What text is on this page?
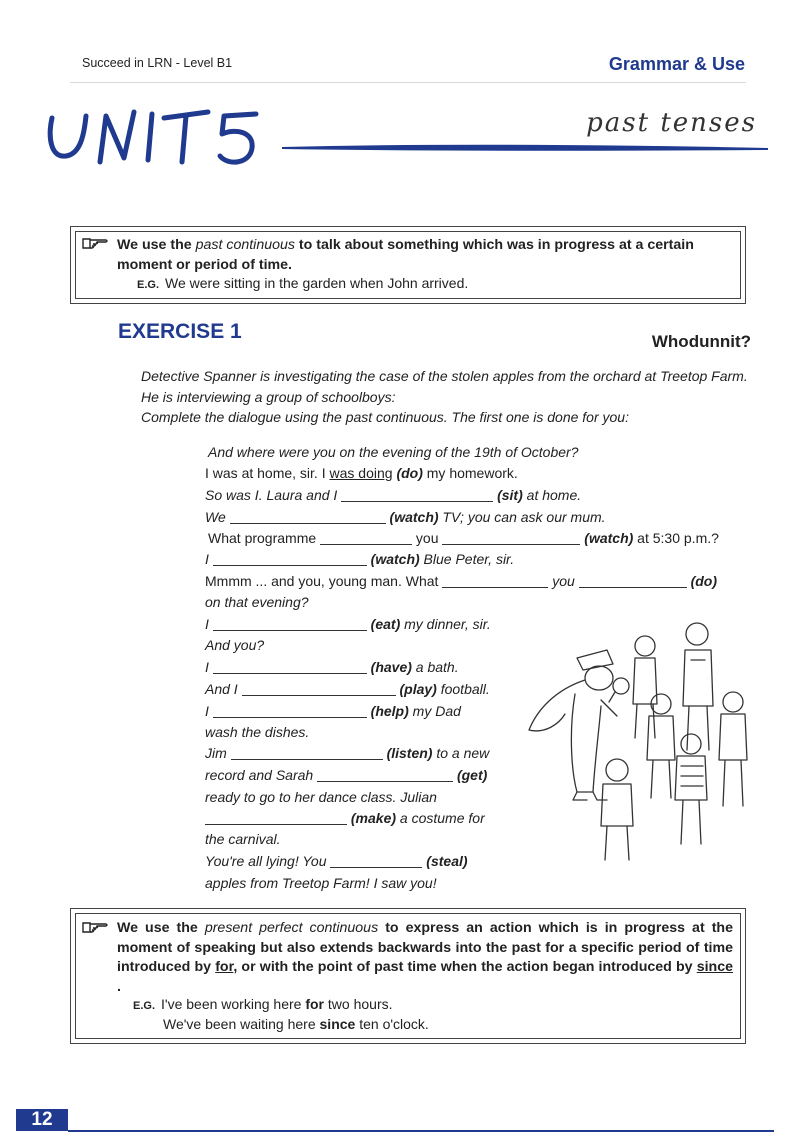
Succeed in LRN - Level B1	Grammar & Use
past tenses
We use the past continuous to talk about something which was in progress at a certain moment or period of time.
E.G. We were sitting in the garden when John arrived.
EXERCISE 1	Whodunnit?
Detective Spanner is investigating the case of the stolen apples from the orchard at Treetop Farm. He is interviewing a group of schoolboys:
Complete the dialogue using the past continuous. The first one is done for you:
And where were you on the evening of the 19th of October?
I was at home, sir. I was doing (do) my homework.
So was I. Laura and I	(sit) at home.
We	(watch) TV; you can ask our mum.
What programme	you	(watch) at 5:30 p.m.?
I	(watch) Blue Peter, sir.
Mmmm ... and you, young man. What	you	(do)
on that evening?
I	(eat) my dinner, sir.
And you?
I	(have) a bath.
And I	(play) football.
I	(help) my Dad
wash the dishes.
Jim	(listen) to a new
record and Sarah	(get)
ready to go to her dance class. Julian
(make) a costume for
the carnival.
You're all lying! You	(steal)
apples from Treetop Farm! I saw you!
We use the present perfect continuous to express an action which is in progress at the moment of speaking but also extends backwards into the past for a specific period of time introduced by for, or with the point of past time when the action began introduced by since .
E.G. I've been working here for two hours.
We've been waiting here since ten o'clock.
12
